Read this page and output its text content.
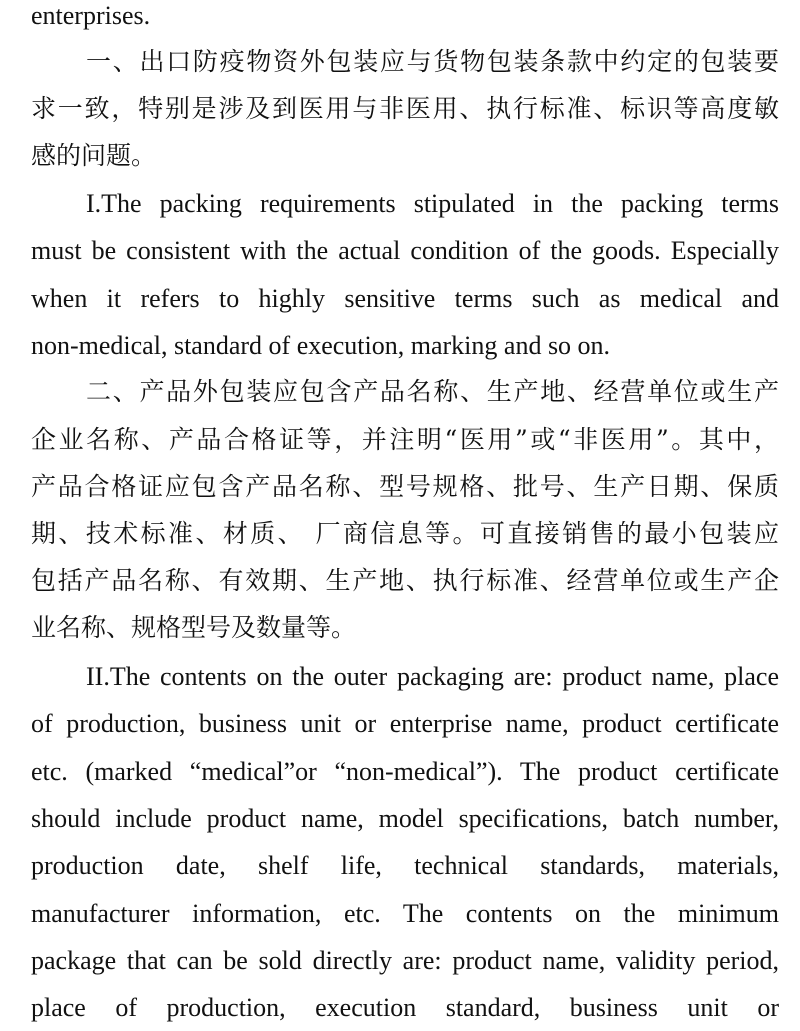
enterprises.
一、出口防疫物资外包装应与货物包装条款中约定的包装要
求一致，特别是涉及到医用与非医用、执行标准、标识等高度敏
感的问题。
I.The packing requirements stipulated in the packing terms
must be consistent with the actual condition of the goods. Especially
when it refers to highly sensitive terms such as medical and
non-medical, standard of execution, marking and so on.
二、产品外包装应包含产品名称、生产地、经营单位或生产
企业名称、产品合格证等，并注明“医用”或“非医用”。其中，
产品合格证应包含产品名称、型号规格、批号、生产日期、保质
期、技术标准、材质、 厂商信息等。可直接销售的最小包装应
包括产品名称、有效期、生产地、执行标准、经营单位或生产企
业名称、规格型号及数量等。
II.The contents on the outer packaging are: product name, place
of production, business unit or enterprise name, product certificate
etc. (marked “medical”or “non-medical”). The product certificate
should include product name, model specifications, batch number,
production date, shelf life, technical standards, materials,
manufacturer information, etc. The contents on the minimum
package that can be sold directly are: product name, validity period,
place of production, execution standard, business unit or
